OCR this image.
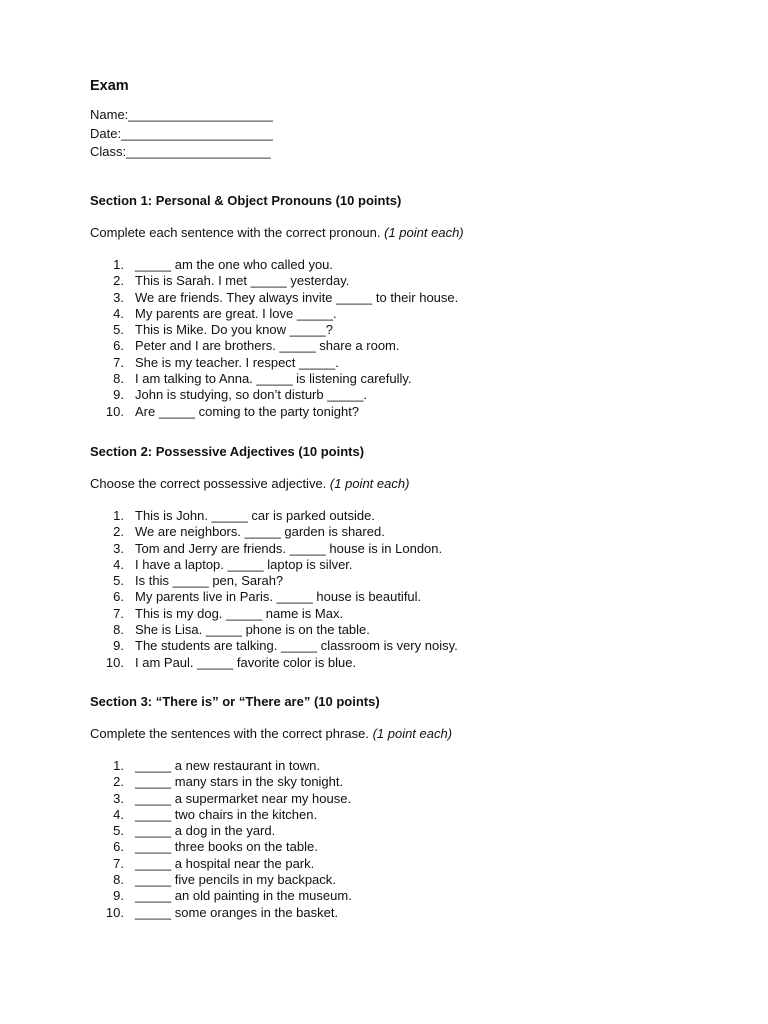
Exam
Name:____________________
Date:_____________________
Class:____________________
Section 1: Personal & Object Pronouns (10 points)
Complete each sentence with the correct pronoun. (1 point each)
1. _____ am the one who called you.
2. This is Sarah. I met _____ yesterday.
3. We are friends. They always invite _____ to their house.
4. My parents are great. I love _____.
5. This is Mike. Do you know _____?
6. Peter and I are brothers. _____ share a room.
7. She is my teacher. I respect _____.
8. I am talking to Anna. _____ is listening carefully.
9. John is studying, so don’t disturb _____.
10. Are _____ coming to the party tonight?
Section 2: Possessive Adjectives (10 points)
Choose the correct possessive adjective. (1 point each)
1. This is John. _____ car is parked outside.
2. We are neighbors. _____ garden is shared.
3. Tom and Jerry are friends. _____ house is in London.
4. I have a laptop. _____ laptop is silver.
5. Is this _____ pen, Sarah?
6. My parents live in Paris. _____ house is beautiful.
7. This is my dog. _____ name is Max.
8. She is Lisa. _____ phone is on the table.
9. The students are talking. _____ classroom is very noisy.
10. I am Paul. _____ favorite color is blue.
Section 3: “There is” or “There are” (10 points)
Complete the sentences with the correct phrase. (1 point each)
1. _____ a new restaurant in town.
2. _____ many stars in the sky tonight.
3. _____ a supermarket near my house.
4. _____ two chairs in the kitchen.
5. _____ a dog in the yard.
6. _____ three books on the table.
7. _____ a hospital near the park.
8. _____ five pencils in my backpack.
9. _____ an old painting in the museum.
10. _____ some oranges in the basket.
